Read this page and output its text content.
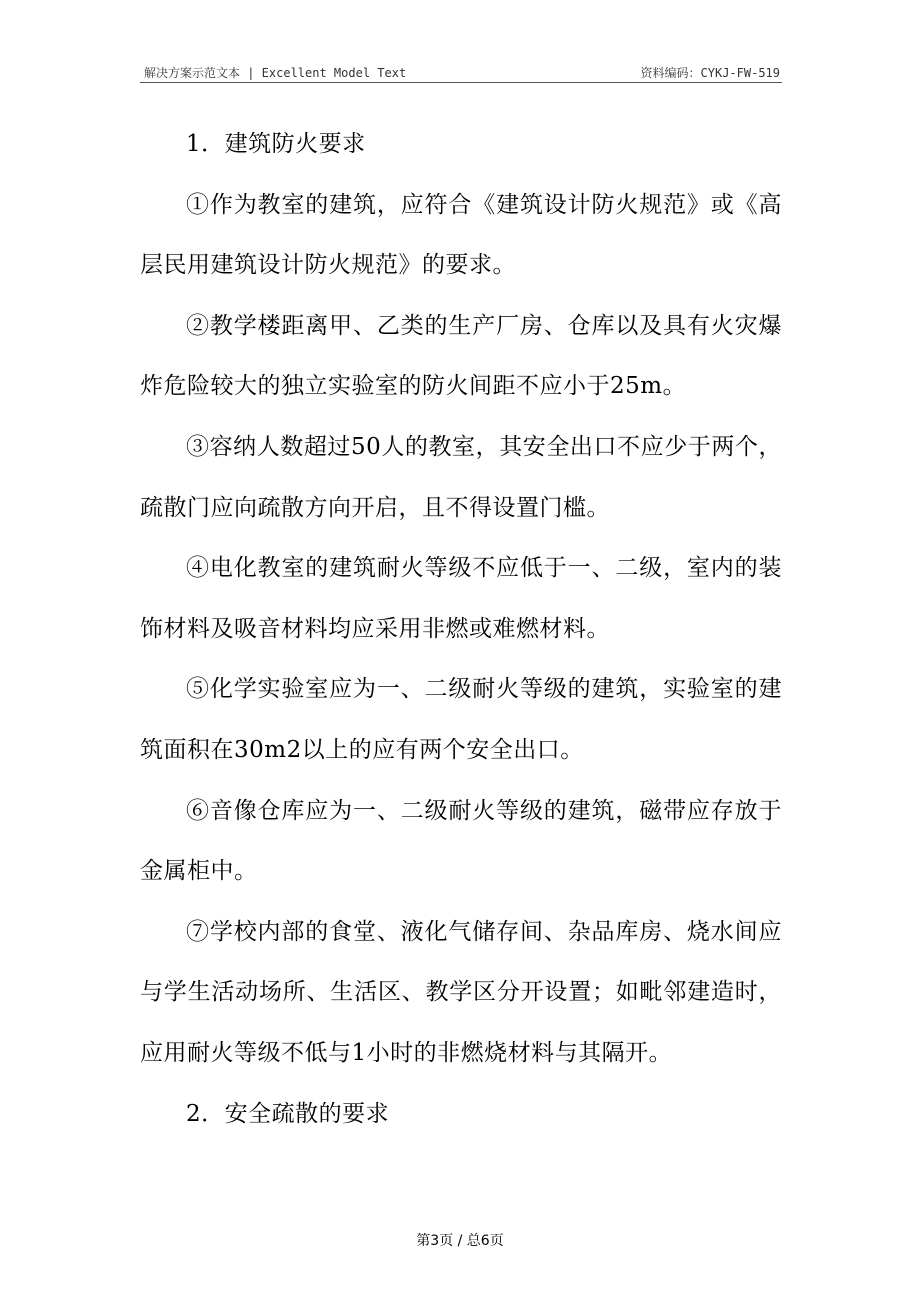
解决方案示范文本 | Excellent Model Text	资料编码：CYKJ-FW-519

1．建筑防火要求

①作为教室的建筑，应符合《建筑设计防火规范》或《高层民用建筑设计防火规范》的要求。

②教学楼距离甲、乙类的生产厂房、仓库以及具有火灾爆炸危险较大的独立实验室的防火间距不应小于25m。

③容纳人数超过50人的教室，其安全出口不应少于两个，疏散门应向疏散方向开启，且不得设置门槛。

④电化教室的建筑耐火等级不应低于一、二级，室内的装饰材料及吸音材料均应采用非燃或难燃材料。

⑤化学实验室应为一、二级耐火等级的建筑，实验室的建筑面积在30m2以上的应有两个安全出口。

⑥音像仓库应为一、二级耐火等级的建筑，磁带应存放于金属柜中。

⑦学校内部的食堂、液化气储存间、杂品库房、烧水间应与学生活动场所、生活区、教学区分开设置；如毗邻建造时，应用耐火等级不低与1小时的非燃烧材料与其隔开。

2．安全疏散的要求

第3页 / 总6页
